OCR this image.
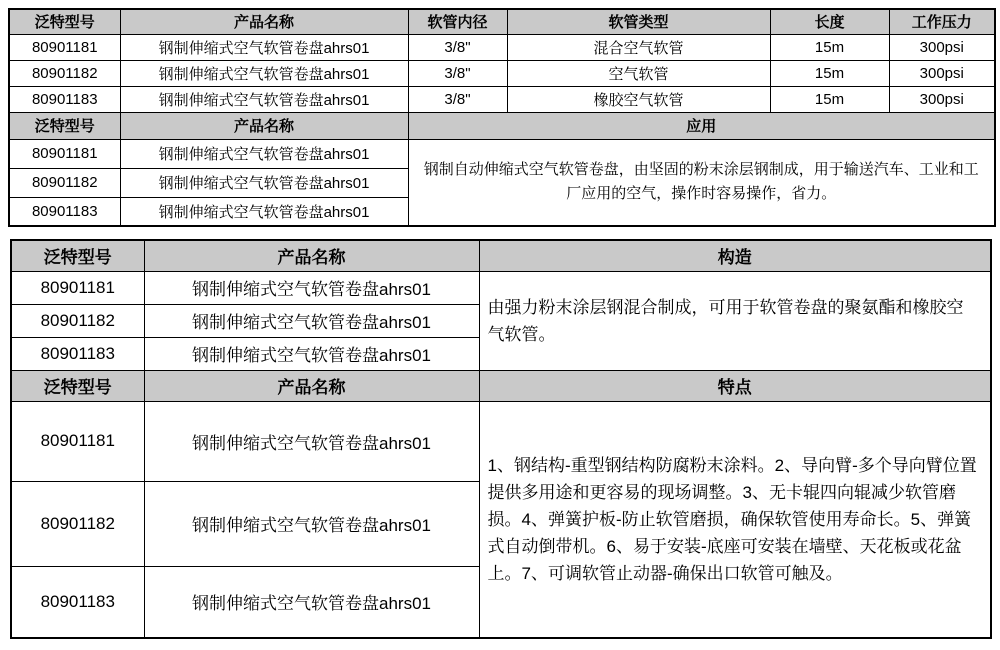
泛特型号	产品名称	软管内径	软管类型	长度	工作压力
80901181	钢制伸缩式空气软管卷盘ahrs01	3/8"	混合空气软管	15m	300psi
80901182	钢制伸缩式空气软管卷盘ahrs01	3/8"	空气软管	15m	300psi
80901183	钢制伸缩式空气软管卷盘ahrs01	3/8"	橡胶空气软管	15m	300psi
泛特型号	产品名称	应用			
80901181	钢制伸缩式空气软管卷盘ahrs01	钢制自动伸缩式空气软管卷盘，由坚固的粉末涂层钢制成，用于输送汽车、工业和工厂应用的空气，操作时容易操作，省力。			
80901182	钢制伸缩式空气软管卷盘ahrs01				
80901183	钢制伸缩式空气软管卷盘ahrs01				
泛特型号	产品名称	构造
80901181	钢制伸缩式空气软管卷盘ahrs01	由强力粉末涂层钢混合制成，可用于软管卷盘的聚氨酯和橡胶空气软管。
80901182	钢制伸缩式空气软管卷盘ahrs01	
80901183	钢制伸缩式空气软管卷盘ahrs01	
泛特型号	产品名称	特点
80901181	钢制伸缩式空气软管卷盘ahrs01	1、钢结构-重型钢结构防腐粉末涂料。2、导向臂-多个导向臂位置提供多用途和更容易的现场调整。3、无卡辊四向辊减少软管磨损。4、弹簧护板-防止软管磨损，确保软管使用寿命长。5、弹簧式自动倒带机。6、易于安装-底座可安装在墙壁、天花板或花盆上。7、可调软管止动器-确保出口软管可触及。
80901182	钢制伸缩式空气软管卷盘ahrs01	
80901183	钢制伸缩式空气软管卷盘ahrs01	
